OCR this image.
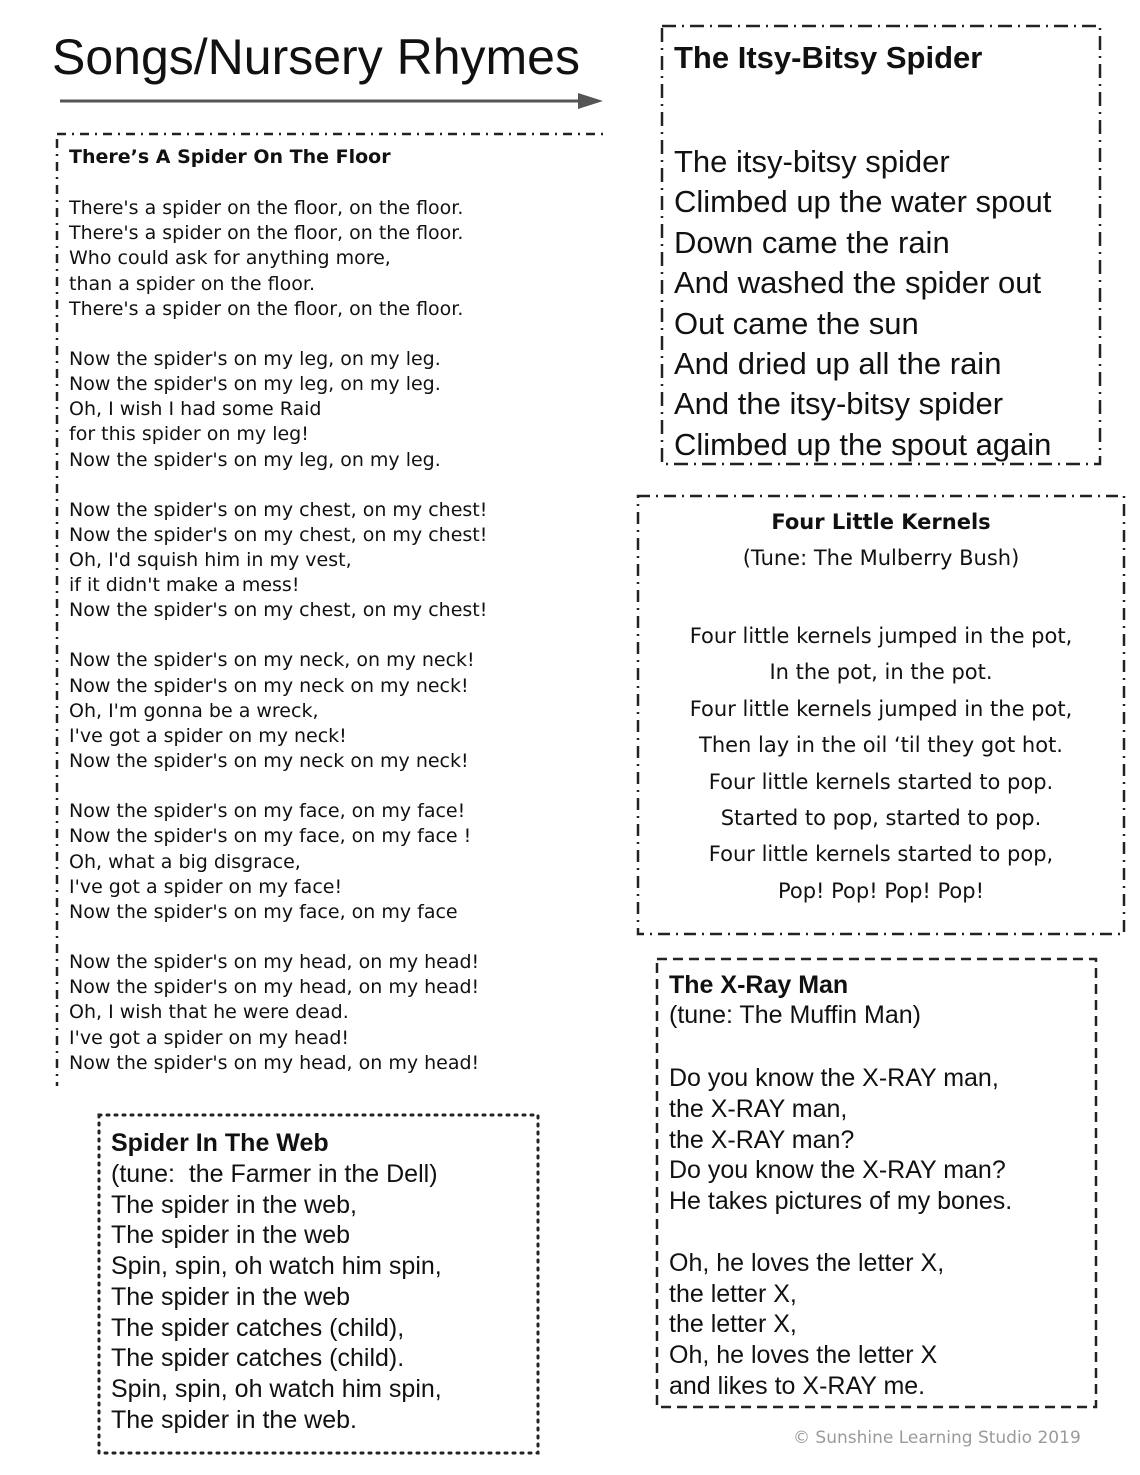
Songs/Nursery Rhymes
There’s A Spider On The Floor
There's a spider on the floor, on the floor.
There's a spider on the floor, on the floor.
Who could ask for anything more,
than a spider on the floor.
There's a spider on the floor, on the floor.
Now the spider's on my leg, on my leg.
Now the spider's on my leg, on my leg.
Oh, I wish I had some Raid
for this spider on my leg!
Now the spider's on my leg, on my leg.
Now the spider's on my chest, on my chest!
Now the spider's on my chest, on my chest!
Oh, I'd squish him in my vest,
if it didn't make a mess!
Now the spider's on my chest, on my chest!
Now the spider's on my neck, on my neck!
Now the spider's on my neck on my neck!
Oh, I'm gonna be a wreck,
I've got a spider on my neck!
Now the spider's on my neck on my neck!
Now the spider's on my face, on my face!
Now the spider's on my face, on my face !
Oh, what a big disgrace,
I've got a spider on my face!
Now the spider's on my face, on my face
Now the spider's on my head, on my head!
Now the spider's on my head, on my head!
Oh, I wish that he were dead.
I've got a spider on my head!
Now the spider's on my head, on my head!
The Itsy-Bitsy Spider
The itsy-bitsy spider
Climbed up the water spout
Down came the rain
And washed the spider out
Out came the sun
And dried up all the rain
And the itsy-bitsy spider
Climbed up the spout again
Four Little Kernels
(Tune: The Mulberry Bush)
Four little kernels jumped in the pot,
In the pot, in the pot.
Four little kernels jumped in the pot,
Then lay in the oil ‘til they got hot.
Four little kernels started to pop.
Started to pop, started to pop.
Four little kernels started to pop,
Pop! Pop! Pop! Pop!
The X-Ray Man
(tune: The Muffin Man)
Do you know the X-RAY man,
the X-RAY man,
the X-RAY man?
Do you know the X-RAY man?
He takes pictures of my bones.
Oh, he loves the letter X,
the letter X,
the letter X,
Oh, he loves the letter X
and likes to X-RAY me.
Spider In The Web
(tune:  the Farmer in the Dell)
The spider in the web,
The spider in the web
Spin, spin, oh watch him spin,
The spider in the web
The spider catches (child),
The spider catches (child).
Spin, spin, oh watch him spin,
The spider in the web.
© Sunshine Learning Studio 2019
